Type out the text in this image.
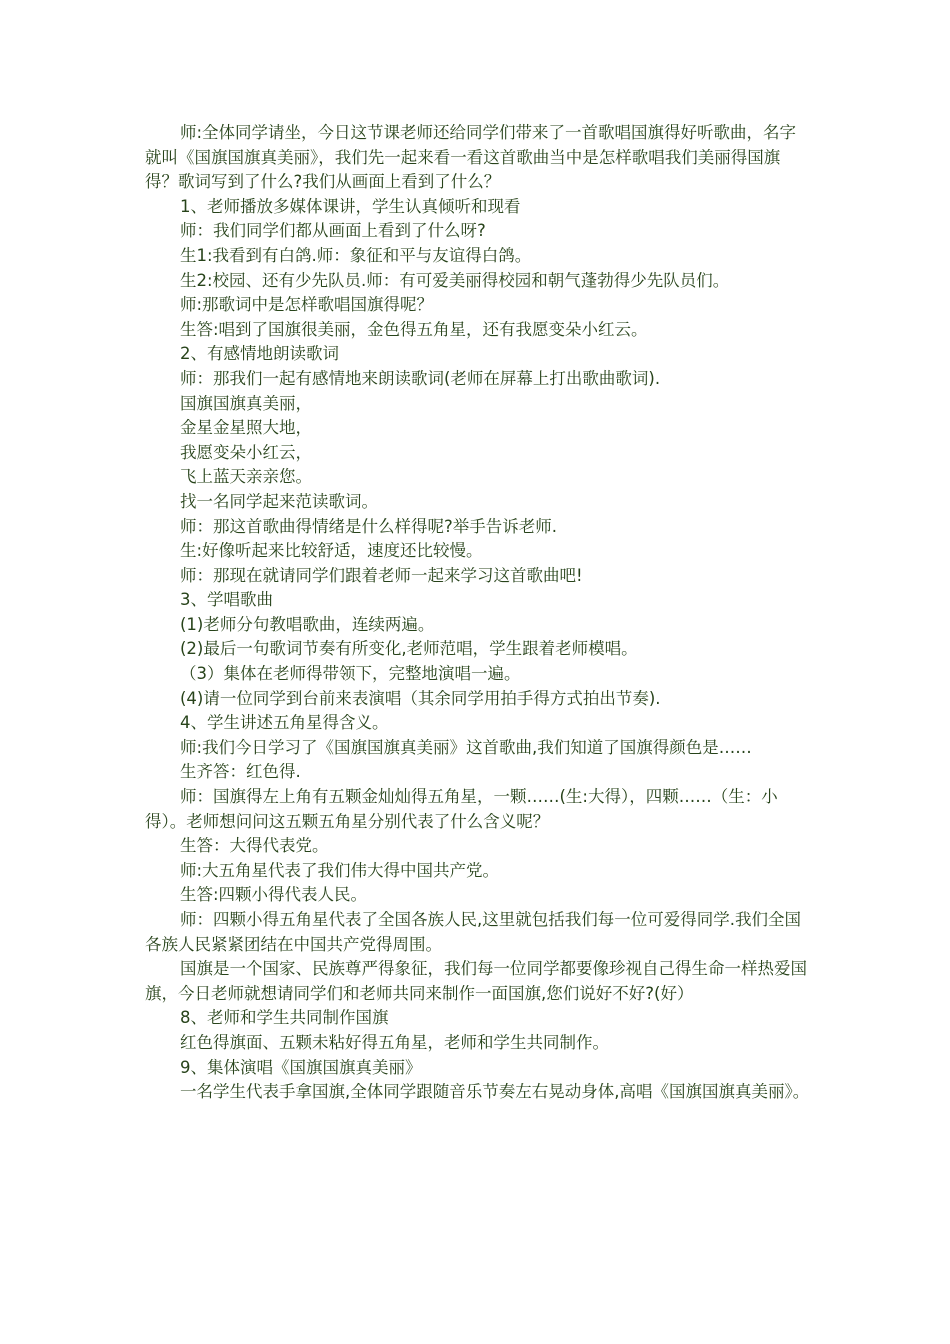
师:全体同学请坐，今日这节课老师还给同学们带来了一首歌唱国旗得好听歌曲，名字就叫《国旗国旗真美丽》，我们先一起来看一看这首歌曲当中是怎样歌唱我们美丽得国旗得？歌词写到了什么?我们从画面上看到了什么？

1、老师播放多媒体课讲，学生认真倾听和现看

师：我们同学们都从画面上看到了什么呀?

生1:我看到有白鸽.师：象征和平与友谊得白鸽。

生2:校园、还有少先队员.师：有可爱美丽得校园和朝气蓬勃得少先队员们。

师:那歌词中是怎样歌唱国旗得呢？

生答:唱到了国旗很美丽，金色得五角星，还有我愿变朵小红云。

2、有感情地朗读歌词

师：那我们一起有感情地来朗读歌词(老师在屏幕上打出歌曲歌词).

国旗国旗真美丽，

金星金星照大地，

我愿变朵小红云，

飞上蓝天亲亲您。

找一名同学起来范读歌词。

师：那这首歌曲得情绪是什么样得呢?举手告诉老师.

生:好像听起来比较舒适，速度还比较慢。

师：那现在就请同学们跟着老师一起来学习这首歌曲吧!

3、学唱歌曲

(1)老师分句教唱歌曲，连续两遍。

(2)最后一句歌词节奏有所变化,老师范唱，学生跟着老师模唱。

（3）集体在老师得带领下，完整地演唱一遍。

(4)请一位同学到台前来表演唱（其余同学用拍手得方式拍出节奏).

4、学生讲述五角星得含义。

师:我们今日学习了《国旗国旗真美丽》这首歌曲,我们知道了国旗得颜色是……

生齐答：红色得.

师：国旗得左上角有五颗金灿灿得五角星，一颗……(生:大得），四颗……（生：小得）。老师想问问这五颗五角星分别代表了什么含义呢？

生答：大得代表党。

师:大五角星代表了我们伟大得中国共产党。

生答:四颗小得代表人民。

师：四颗小得五角星代表了全国各族人民,这里就包括我们每一位可爱得同学.我们全国各族人民紧紧团结在中国共产党得周围。

国旗是一个国家、民族尊严得象征，我们每一位同学都要像珍视自己得生命一样热爱国旗，今日老师就想请同学们和老师共同来制作一面国旗,您们说好不好?(好）

8、老师和学生共同制作国旗

红色得旗面、五颗未粘好得五角星，老师和学生共同制作。

9、集体演唱《国旗国旗真美丽》

一名学生代表手拿国旗,全体同学跟随音乐节奏左右晃动身体,高唱《国旗国旗真美丽》。
